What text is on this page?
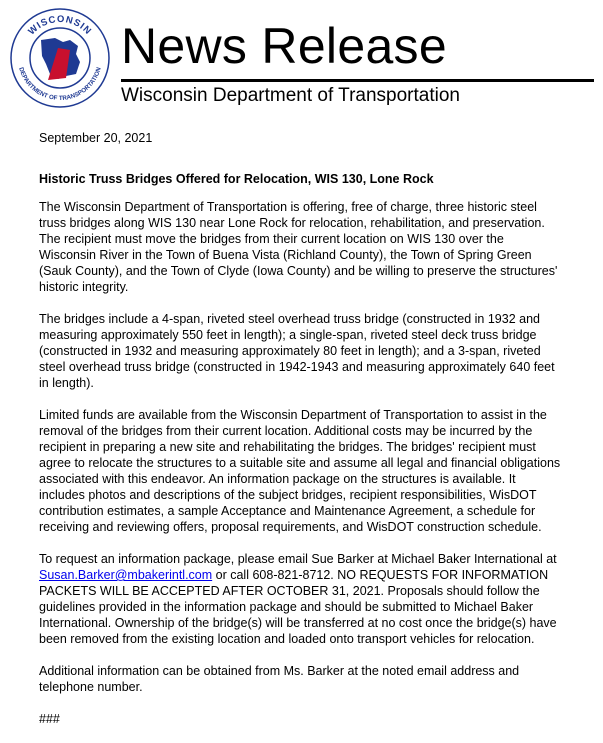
WISCONSIN
DEPARTMENT OF TRANSPORTATION News Release
Wisconsin Department of Transportation
September 20, 2021
Historic Truss Bridges Offered for Relocation, WIS 130, Lone Rock

The Wisconsin Department of Transportation is offering, free of charge, three historic steel truss bridges along WIS 130 near Lone Rock for relocation, rehabilitation, and preservation. The recipient must move the bridges from their current location on WIS 130 over the Wisconsin River in the Town of Buena Vista (Richland County), the Town of Spring Green (Sauk County), and the Town of Clyde (Iowa County) and be willing to preserve the structures' historic integrity.

The bridges include a 4-span, riveted steel overhead truss bridge (constructed in 1932 and measuring approximately 550 feet in length); a single-span, riveted steel deck truss bridge (constructed in 1932 and measuring approximately 80 feet in length); and a 3-span, riveted steel overhead truss bridge (constructed in 1942-1943 and measuring approximately 640 feet in length).

Limited funds are available from the Wisconsin Department of Transportation to assist in the removal of the bridges from their current location. Additional costs may be incurred by the recipient in preparing a new site and rehabilitating the bridges. The bridges' recipient must agree to relocate the structures to a suitable site and assume all legal and financial obligations associated with this endeavor. An information package on the structures is available. It includes photos and descriptions of the subject bridges, recipient responsibilities, WisDOT contribution estimates, a sample Acceptance and Maintenance Agreement, a schedule for receiving and reviewing offers, proposal requirements, and WisDOT construction schedule.

To request an information package, please email Sue Barker at Michael Baker International at Susan.Barker@mbakerintl.com or call 608-821-8712. NO REQUESTS FOR INFORMATION PACKETS WILL BE ACCEPTED AFTER OCTOBER 31, 2021. Proposals should follow the guidelines provided in the information package and should be submitted to Michael Baker International. Ownership of the bridge(s) will be transferred at no cost once the bridge(s) have been removed from the existing location and loaded onto transport vehicles for relocation.

Additional information can be obtained from Ms. Barker at the noted email address and telephone number.

###
